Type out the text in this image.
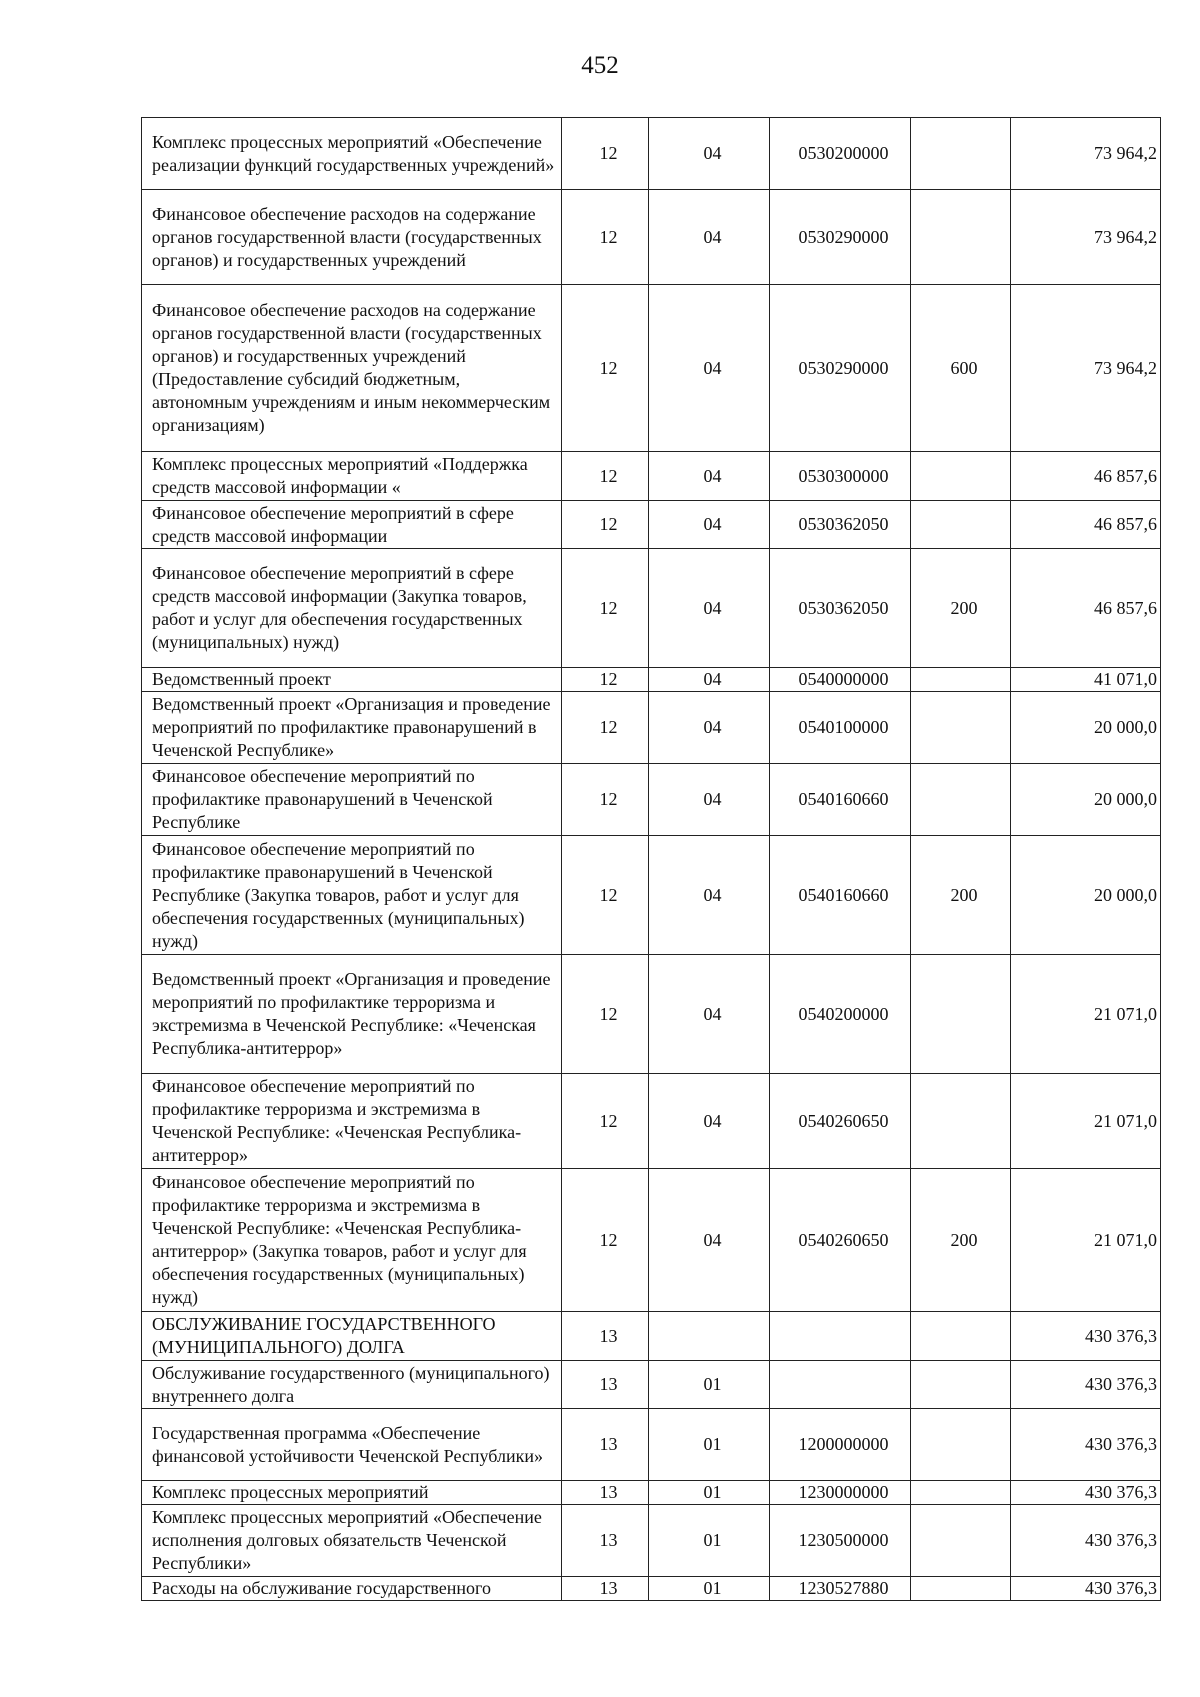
452
Комплекс процессных мероприятий «Обеспечение реализации функций государственных учреждений»	12	04	0530200000		73 964,2
Финансовое обеспечение расходов на содержание органов государственной власти (государственных органов) и государственных учреждений	12	04	0530290000		73 964,2
Финансовое обеспечение расходов на содержание органов государственной власти (государственных органов) и государственных учреждений (Предоставление субсидий бюджетным, автономным учреждениям и иным некоммерческим организациям)	12	04	0530290000	600	73 964,2
Комплекс процессных мероприятий «Поддержка средств массовой информации «	12	04	0530300000		46 857,6
Финансовое обеспечение мероприятий в сфере средств массовой информации	12	04	0530362050		46 857,6
Финансовое обеспечение мероприятий в сфере средств массовой информации (Закупка товаров, работ и услуг для обеспечения государственных (муниципальных) нужд)	12	04	0530362050	200	46 857,6
Ведомственный проект	12	04	0540000000		41 071,0
Ведомственный проект «Организация и проведение мероприятий по профилактике правонарушений в Чеченской Республике»	12	04	0540100000		20 000,0
Финансовое обеспечение мероприятий по профилактике правонарушений в Чеченской Республике	12	04	0540160660		20 000,0
Финансовое обеспечение мероприятий по профилактике правонарушений в Чеченской Республике (Закупка товаров, работ и услуг для обеспечения государственных (муниципальных) нужд)	12	04	0540160660	200	20 000,0
Ведомственный проект «Организация и проведение мероприятий по профилактике терроризма и экстремизма в Чеченской Республике: «Чеченская Республика-антитеррор»	12	04	0540200000		21 071,0
Финансовое обеспечение мероприятий по профилактике терроризма и экстремизма в Чеченской Республике: «Чеченская Республика-антитеррор»	12	04	0540260650		21 071,0
Финансовое обеспечение мероприятий по профилактике терроризма и экстремизма в Чеченской Республике: «Чеченская Республика-антитеррор» (Закупка товаров, работ и услуг для обеспечения государственных (муниципальных) нужд)	12	04	0540260650	200	21 071,0
ОБСЛУЖИВАНИЕ ГОСУДАРСТВЕННОГО (МУНИЦИПАЛЬНОГО) ДОЛГА	13				430 376,3
Обслуживание государственного (муниципального) внутреннего долга	13	01			430 376,3
Государственная программа «Обеспечение финансовой устойчивости Чеченской Республики»	13	01	1200000000		430 376,3
Комплекс процессных мероприятий	13	01	1230000000		430 376,3
Комплекс процессных мероприятий «Обеспечение исполнения долговых обязательств Чеченской Республики»	13	01	1230500000		430 376,3
Расходы на обслуживание государственного	13	01	1230527880		430 376,3
